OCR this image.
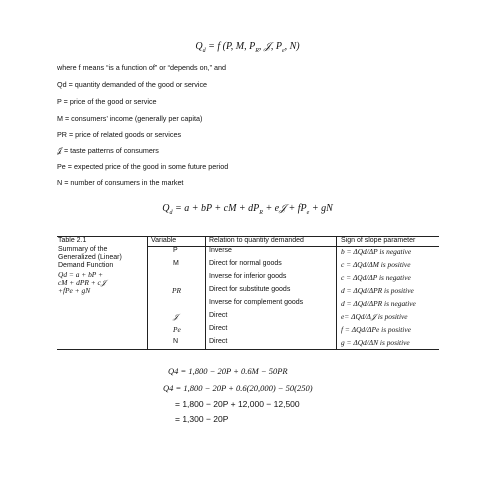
$Q_d = f$ (P, M, $P_R$, 𝒥, $P_e$, N)
where f means “is a function of” or “depends on,” and
Qd = quantity demanded of the good or service
P = price of the good or service
M = consumers’ income (generally per capita)
PR = price of related goods or services
𝒥 = taste patterns of consumers
Pe = expected price of the good in some future period
N = number of consumers in the market
$Q_d = a$ + bP + cM + $dP_R$ + e𝒥 + $fP_e$ + gN
Table 2.1
Summary of the
Generalized (Linear)
Demand Function
Qd = a + bP +
cM + dPR + c𝒥
+fPe + gN
Variable	Relation to quantity demanded	Sign of slope parameter
P	Inverse	b = ΔQd/ΔP is negative
M	Direct for normal goods	c = ΔQd/ΔM is positive
Inverse for inferior goods	c = ΔQd/ΔP is negative
PR	Direct for substitute goods	d = ΔQd/ΔPR is positive
Inverse for complement goods	d = ΔQd/ΔPR is negative
𝒥	Direct	e= ΔQd/Δ𝒥 is positive
Pe	Direct	f = ΔQd/ΔPe is positive
N	Direct	g = ΔQd/ΔN is positive
Q4 = 1,800 − 20P + 0.6M − 50PR
Q4 = 1,800 − 20P + 0.6(20,000) − 50(250)
= 1,800 − 20P + 12,000 − 12,500
= 1,300 − 20P
